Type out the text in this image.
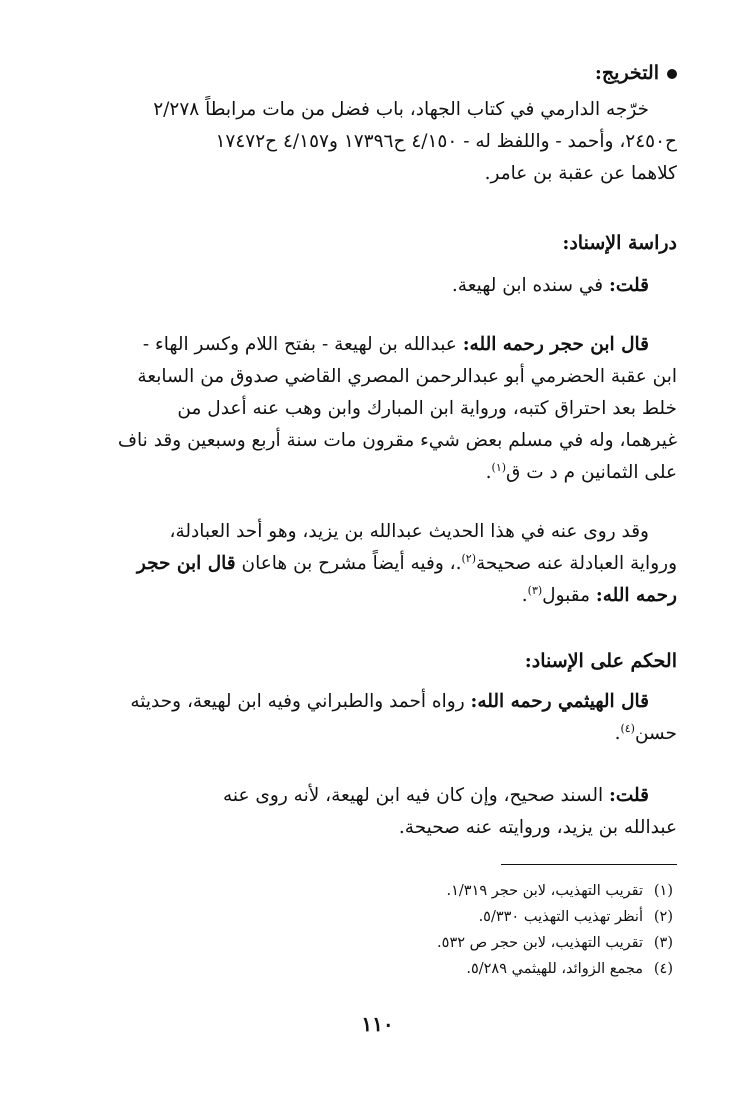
التخريج:
خرّجه الدارمي في كتاب الجهاد، باب فضل من مات مرابطاً ٢/٢٧٨
ح٢٤٥٠، وأحمد - واللفظ له - ٤/١٥٠ ح١٧٣٩٦ و٤/١٥٧ ح١٧٤٧٢
كلاهما عن عقبة بن عامر.
دراسة الإسناد:
قلت: في سنده ابن لهيعة.
قال ابن حجر رحمه الله: عبدالله بن لهيعة - بفتح اللام وكسر الهاء -
ابن عقبة الحضرمي أبو عبدالرحمن المصري القاضي صدوق من السابعة
خلط بعد احتراق كتبه، ورواية ابن المبارك وابن وهب عنه أعدل من
غيرهما، وله في مسلم بعض شيء مقرون مات سنة أربع وسبعين وقد ناف
على الثمانين م د ت ق$^{(١)}$.
وقد روى عنه في هذا الحديث عبدالله بن يزيد، وهو أحد العبادلة،
ورواية العبادلة عنه صحيحة$^{(٢)}$.، وفيه أيضاً مشرح بن هاعان قال ابن حجر
رحمه الله: مقبول$^{(٣)}$.
الحكم على الإسناد:
قال الهيثمي رحمه الله: رواه أحمد والطبراني وفيه ابن لهيعة، وحديثه
حسن$^{(٤)}$.
قلت: السند صحيح، وإن كان فيه ابن لهيعة، لأنه روى عنه
عبدالله بن يزيد، وروايته عنه صحيحة.
(١)تقريب التهذيب، لابن حجر ١/٣١٩.
(٢)أنظر تهذيب التهذيب ٥/٣٣٠.
(٣)تقريب التهذيب، لابن حجر ص ٥٣٢.
(٤)مجمع الزوائد، للهيثمي ٥/٢٨٩.
١١٠
